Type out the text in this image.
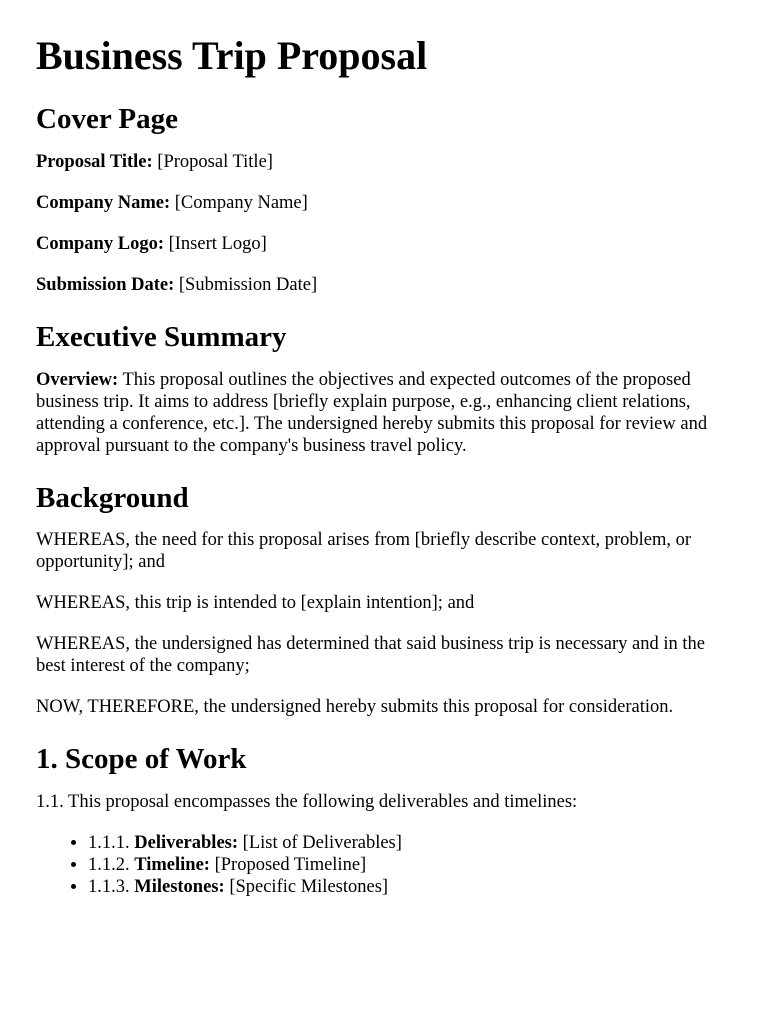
Business Trip Proposal
Cover Page

Proposal Title: [Proposal Title]

Company Name: [Company Name]

Company Logo: [Insert Logo]

Submission Date: [Submission Date]

Executive Summary

Overview: This proposal outlines the objectives and expected outcomes of the proposed business trip. It aims to address [briefly explain purpose, e.g., enhancing client relations, attending a conference, etc.]. The undersigned hereby submits this proposal for review and approval pursuant to the company's business travel policy.

Background

WHEREAS, the need for this proposal arises from [briefly describe context, problem, or opportunity]; and

WHEREAS, this trip is intended to [explain intention]; and

WHEREAS, the undersigned has determined that said business trip is necessary and in the best interest of the company;

NOW, THEREFORE, the undersigned hereby submits this proposal for consideration.

1. Scope of Work

1.1. This proposal encompasses the following deliverables and timelines:

• 1.1.1. Deliverables: [List of Deliverables]
• 1.1.2. Timeline: [Proposed Timeline]
• 1.1.3. Milestones: [Specific Milestones]
